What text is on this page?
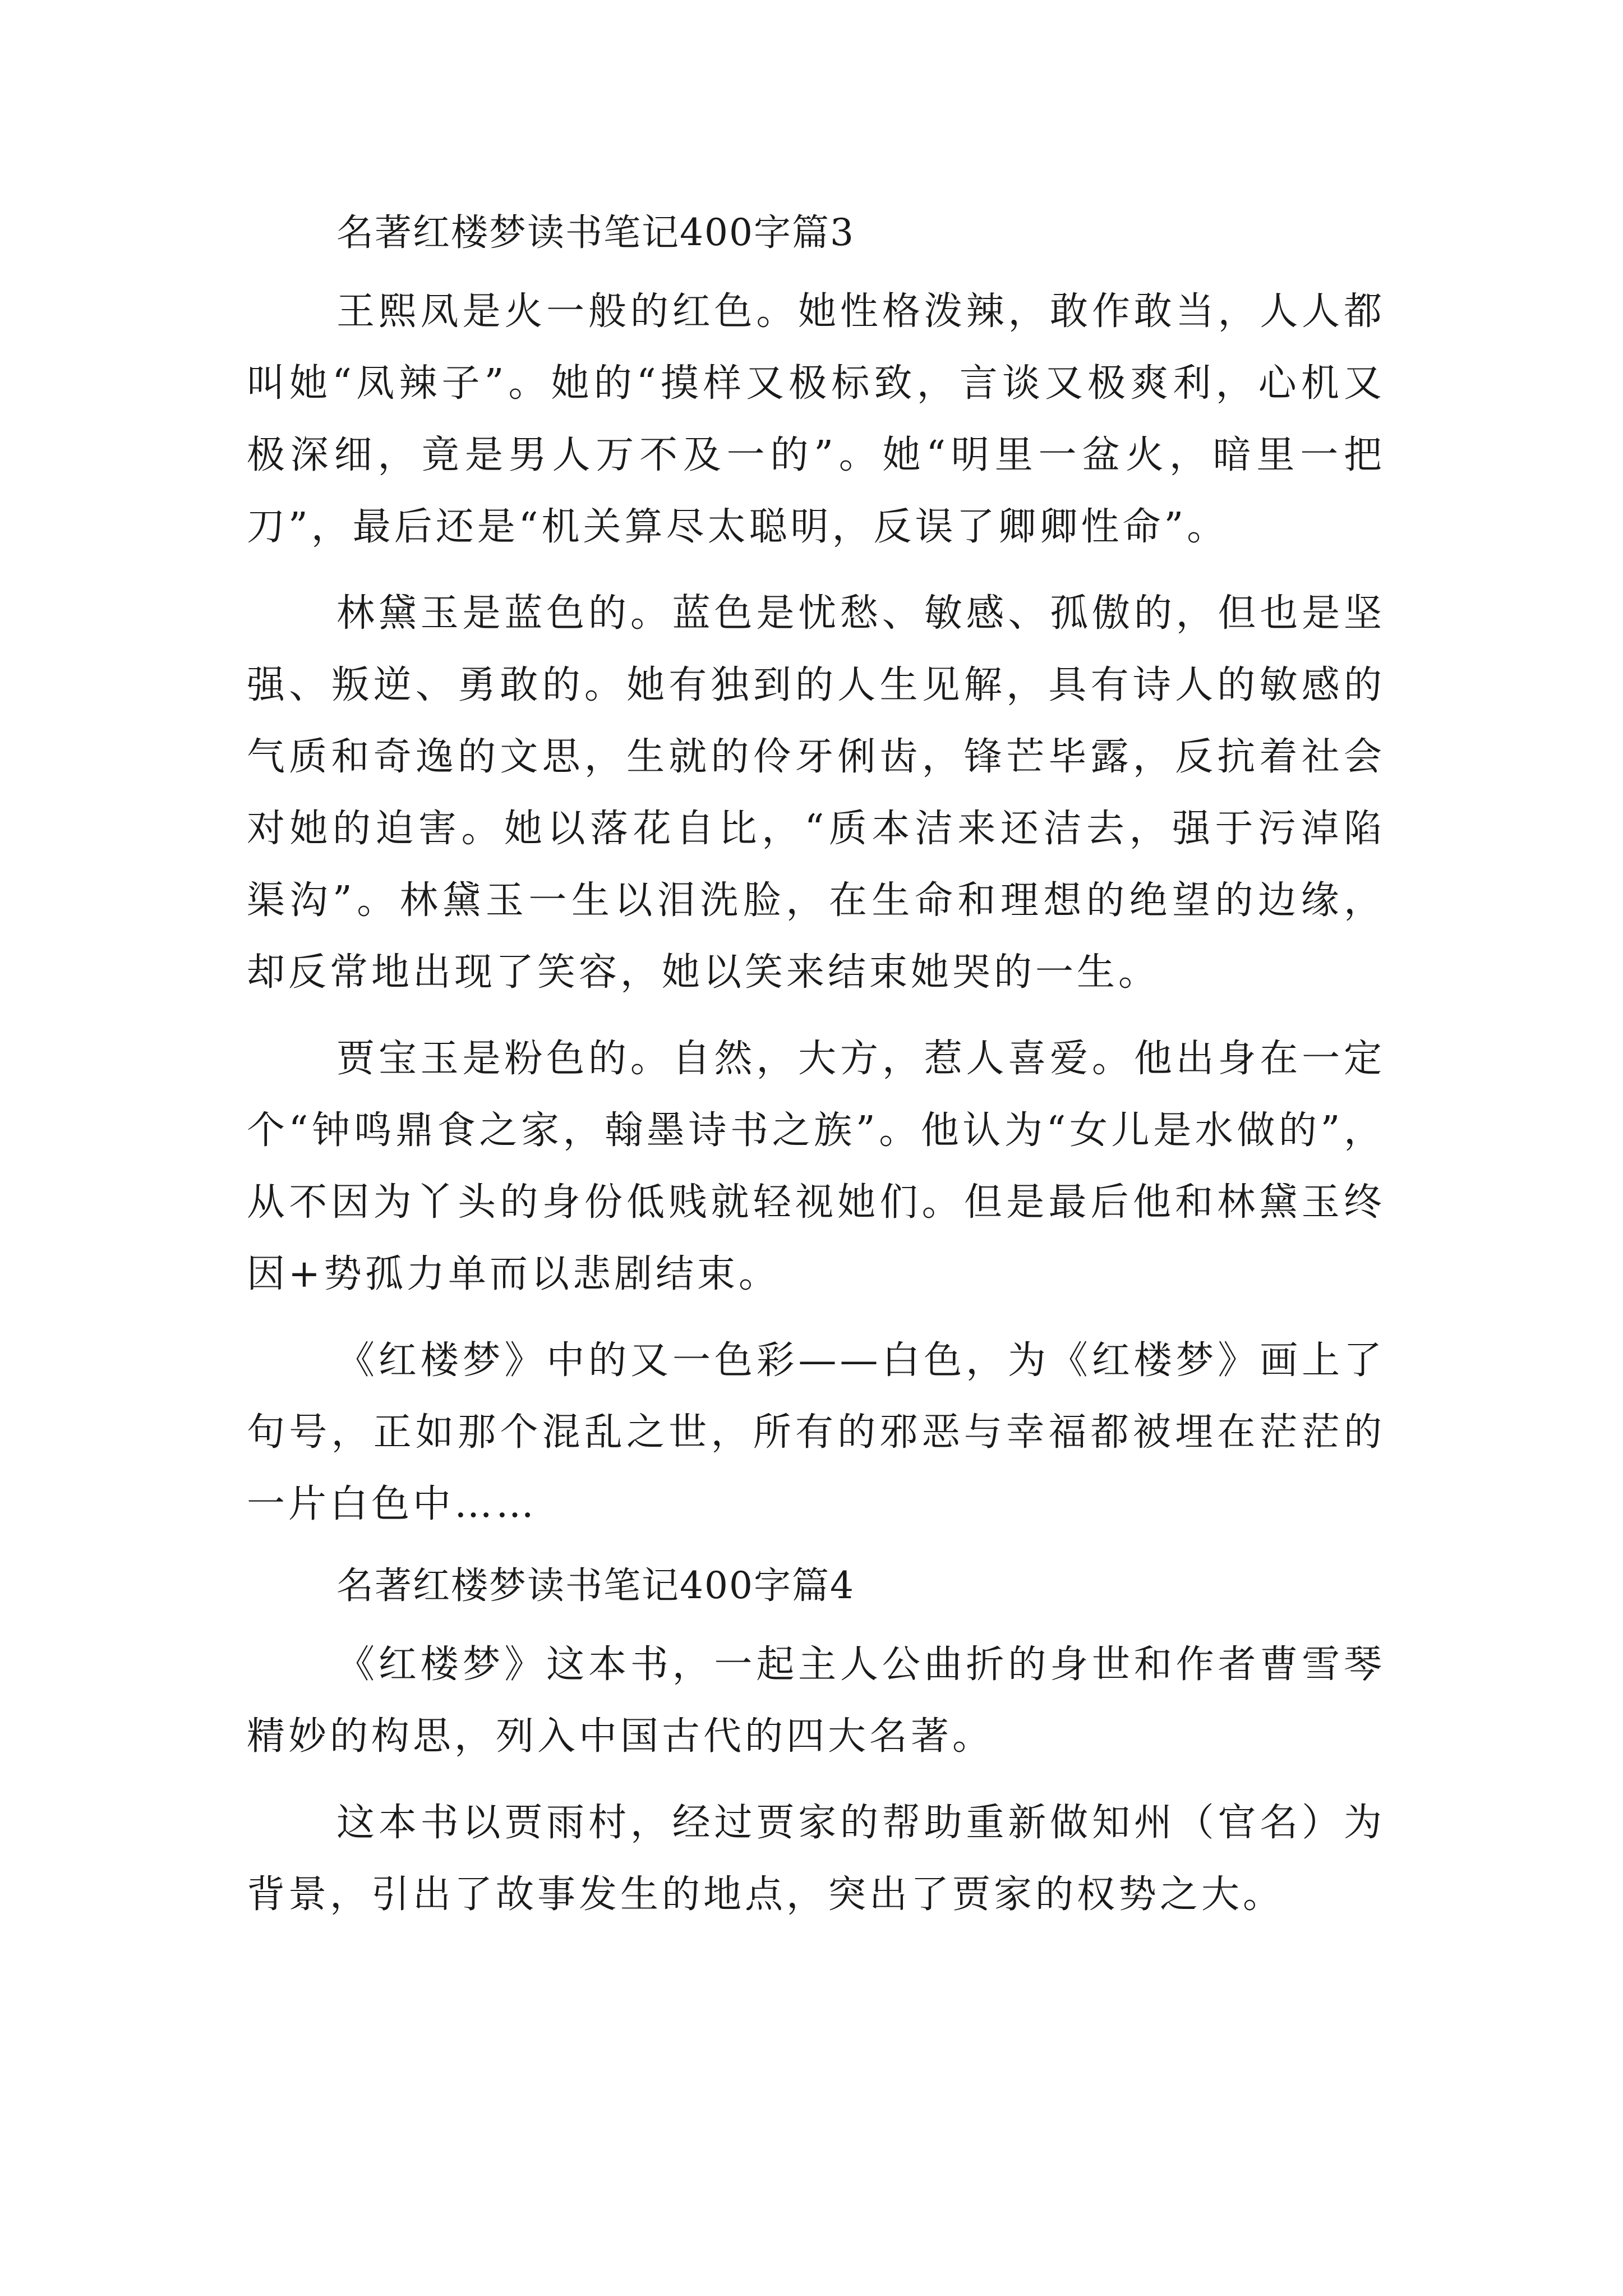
名著红楼梦读书笔记400字篇3

王熙凤是火一般的红色。她性格泼辣，敢作敢当，人人都叫她“凤辣子”。她的“摸样又极标致，言谈又极爽利，心机又极深细，竟是男人万不及一的”。她“明里一盆火，暗里一把刀”，最后还是“机关算尽太聪明，反误了卿卿性命”。

林黛玉是蓝色的。蓝色是忧愁、敏感、孤傲的，但也是坚强、叛逆、勇敢的。她有独到的人生见解，具有诗人的敏感的气质和奇逸的文思，生就的伶牙俐齿，锋芒毕露，反抗着社会对她的迫害。她以落花自比，“质本洁来还洁去，强于污淖陷渠沟”。林黛玉一生以泪洗脸，在生命和理想的绝望的边缘，却反常地出现了笑容，她以笑来结束她哭的一生。

贾宝玉是粉色的。自然，大方，惹人喜爱。他出身在一定个“钟鸣鼎食之家，翰墨诗书之族”。他认为“女儿是水做的”，从不因为丫头的身份低贱就轻视她们。但是最后他和林黛玉终因+势孤力单而以悲剧结束。

《红楼梦》中的又一色彩——白色，为《红楼梦》画上了句号，正如那个混乱之世，所有的邪恶与幸福都被埋在茫茫的一片白色中……

名著红楼梦读书笔记400字篇4

《红楼梦》这本书，一起主人公曲折的身世和作者曹雪琴精妙的构思，列入中国古代的四大名著。

这本书以贾雨村，经过贾家的帮助重新做知州（官名）为背景，引出了故事发生的地点，突出了贾家的权势之大。
